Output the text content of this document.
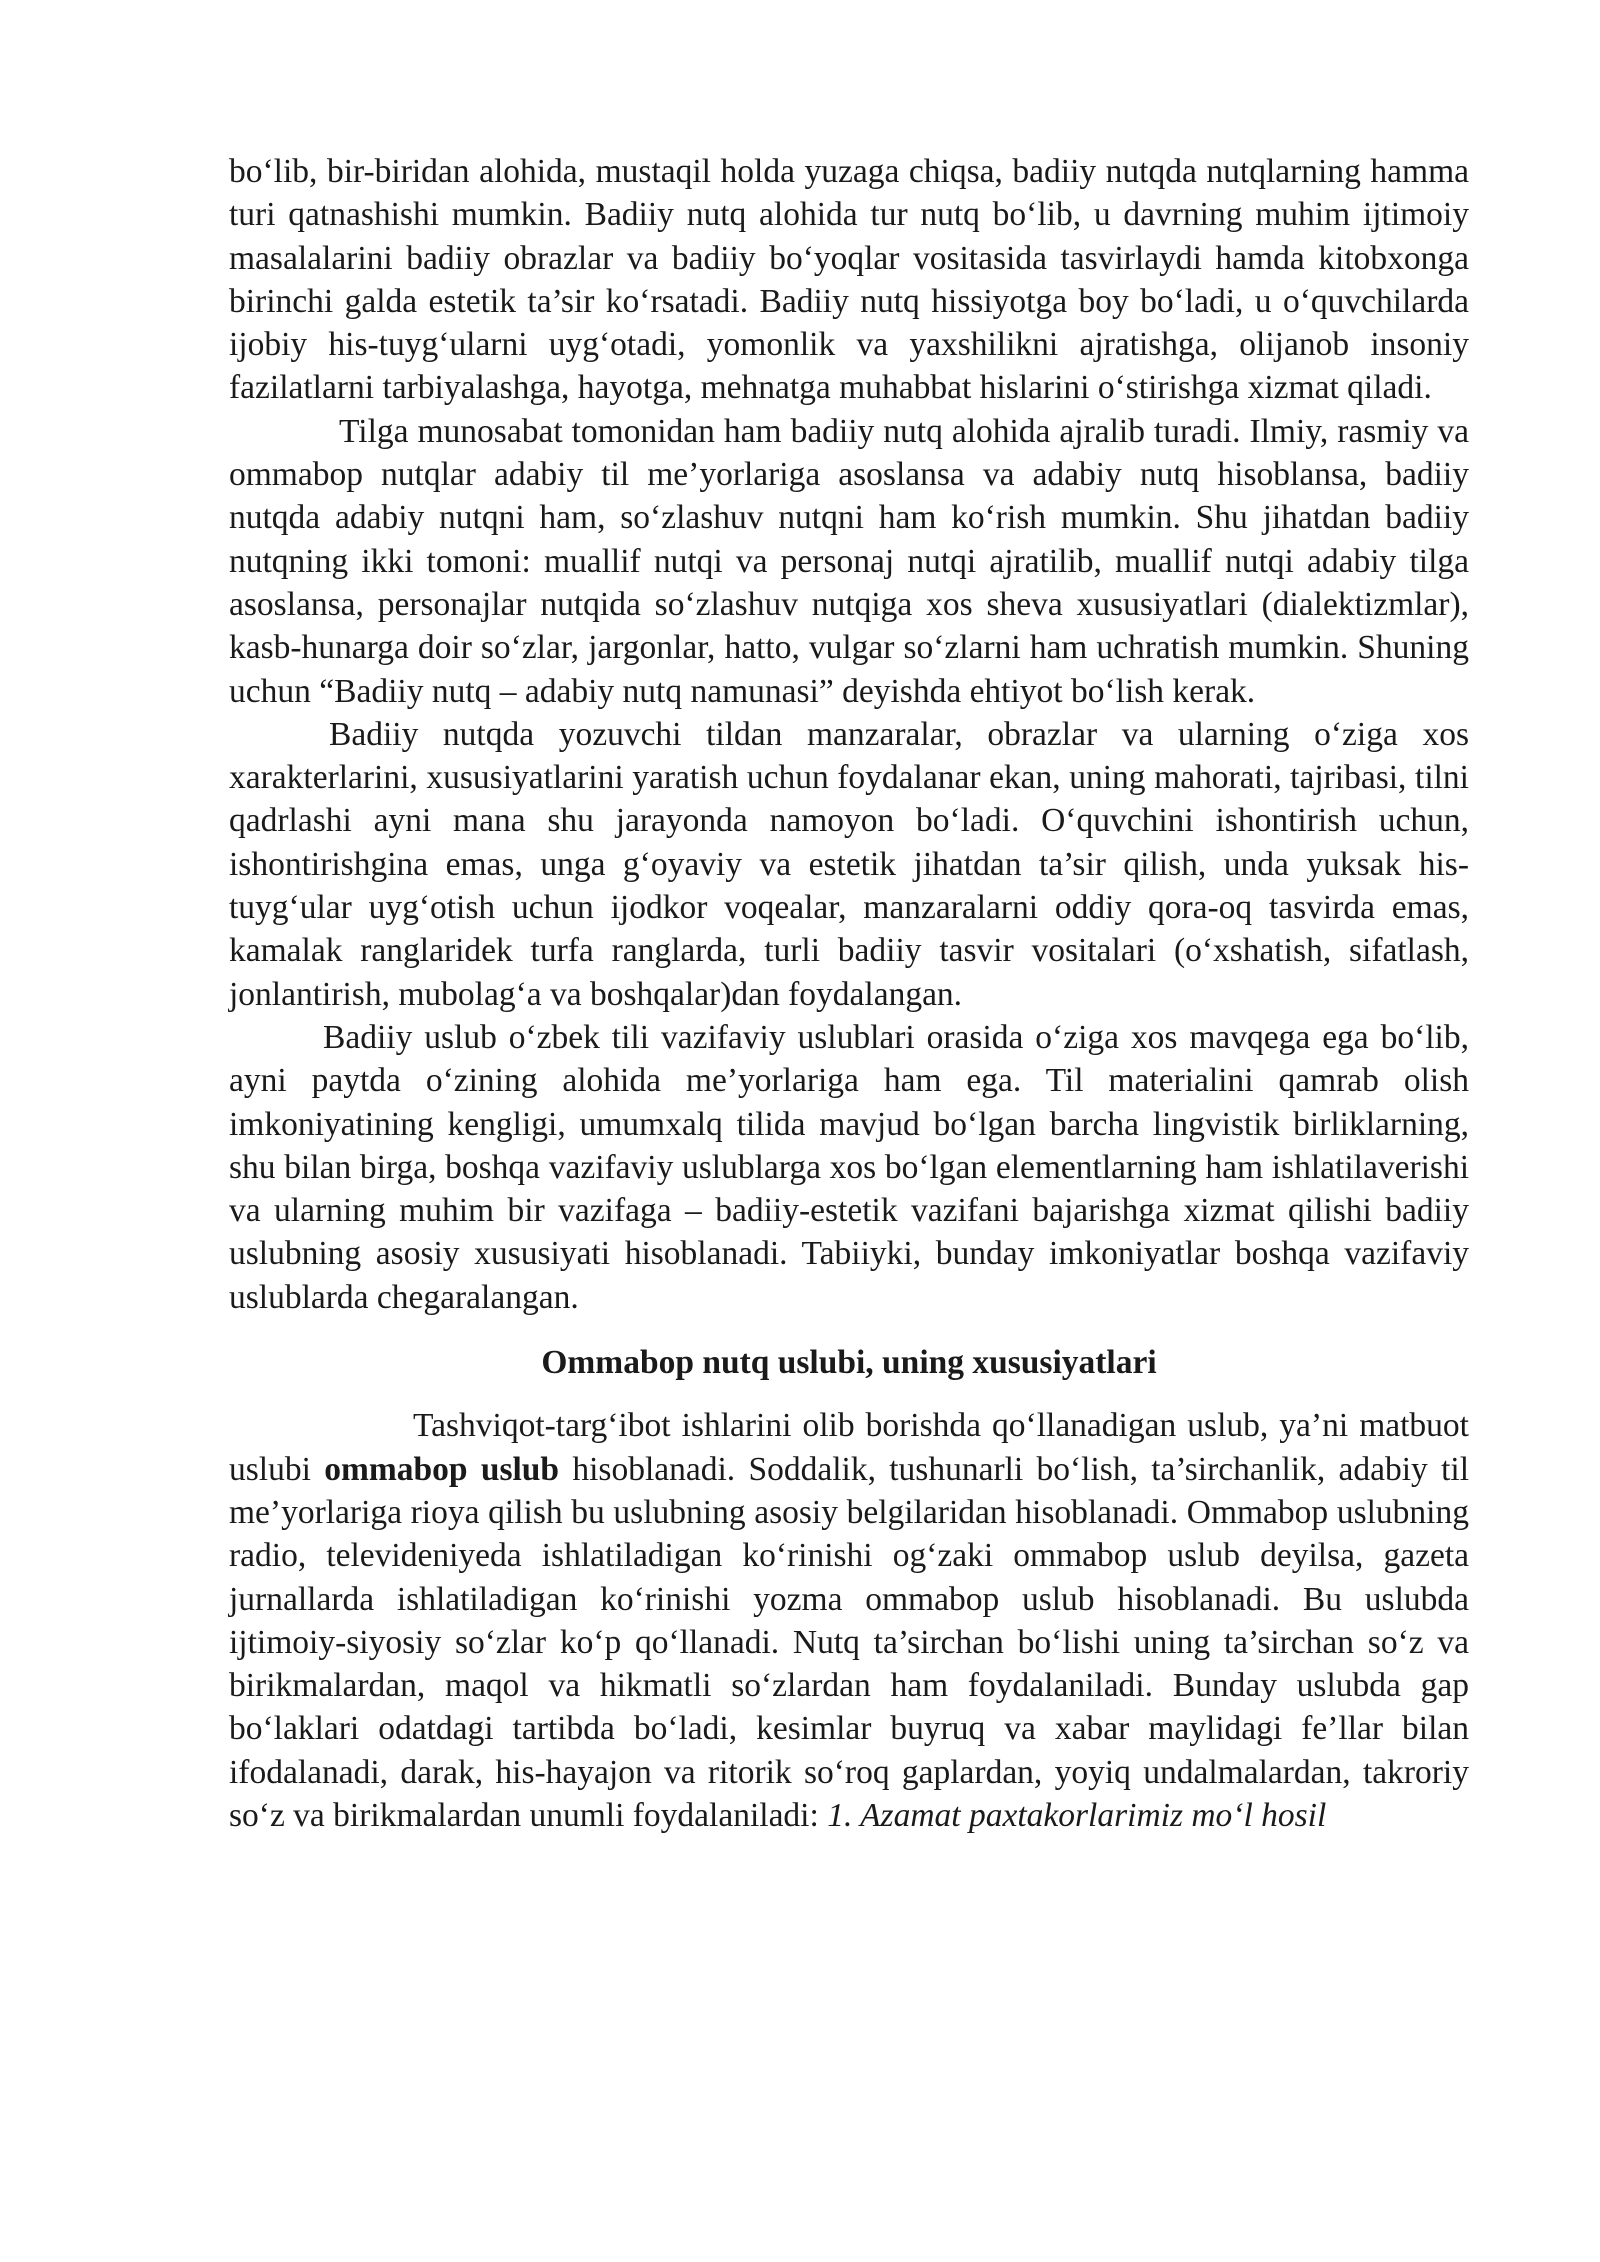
bo‘lib, bir-biridan alohida, mustaqil holda yuzaga chiqsa, badiiy nutqda nutqlarning hamma turi qatnashishi mumkin. Badiiy nutq alohida tur nutq bo‘lib, u davrning muhim ijtimoiy masalalarini badiiy obrazlar va badiiy bo‘yoqlar vositasida tasvirlaydi hamda kitobxonga birinchi galda estetik ta’sir ko‘rsatadi. Badiiy nutq hissiyotga boy bo‘ladi, u o‘quvchilarda ijobiy his-tuyg‘ularni uyg‘otadi, yomonlik va yaxshilikni ajratishga, olijanob insoniy fazilatlarni tarbiyalashga, hayotga, mehnatga muhabbat hislarini o‘stirishga xizmat qiladi.

Tilga munosabat tomonidan ham badiiy nutq alohida ajralib turadi. Ilmiy, rasmiy va ommabop nutqlar adabiy til me’yorlariga asoslansa va adabiy nutq hisoblansa, badiiy nutqda adabiy nutqni ham, so‘zlashuv nutqni ham ko‘rish mumkin. Shu jihatdan badiiy nutqning ikki tomoni: muallif nutqi va personaj nutqi ajratilib, muallif nutqi adabiy tilga asoslansa, personajlar nutqida so‘zlashuv nutqiga xos sheva xususiyatlari (dialektizmlar), kasb-hunarga doir so‘zlar, jargonlar, hatto, vulgar so‘zlarni ham uchratish mumkin. Shuning uchun “Badiiy nutq – adabiy nutq namunasi” deyishda ehtiyot bo‘lish kerak.

Badiiy nutqda yozuvchi tildan manzaralar, obrazlar va ularning o‘ziga xos xarakterlarini, xususiyatlarini yaratish uchun foydalanar ekan, uning mahorati, tajribasi, tilni qadrlashi ayni mana shu jarayonda namoyon bo‘ladi. O‘quvchini ishontirish uchun, ishontirishgina emas, unga g‘oyaviy va estetik jihatdan ta’sir qilish, unda yuksak his-tuyg‘ular uyg‘otish uchun ijodkor voqealar, manzaralarni oddiy qora-oq tasvirda emas, kamalak ranglaridek turfa ranglarda, turli badiiy tasvir vositalari (o‘xshatish, sifatlash, jonlantirish, mubolag‘a va boshqalar)dan foydalangan.

Badiiy uslub o‘zbek tili vazifaviy uslublari orasida o‘ziga xos mavqega ega bo‘lib, ayni paytda o‘zining alohida me’yorlariga ham ega. Til materialini qamrab olish imkoniyatining kengligi, umumxalq tilida mavjud bo‘lgan barcha lingvistik birliklarning, shu bilan birga, boshqa vazifaviy uslublarga xos bo‘lgan elementlarning ham ishlatilaverishi va ularning muhim bir vazifaga – badiiy-estetik vazifani bajarishga xizmat qilishi badiiy uslubning asosiy xususiyati hisoblanadi. Tabiiyki, bunday imkoniyatlar boshqa vazifaviy uslublarda chegaralangan.

Ommabop nutq uslubi, uning xususiyatlari

Tashviqot-targ‘ibot ishlarini olib borishda qo‘llanadigan uslub, ya’ni matbuot uslubi ommabop uslub hisoblanadi. Soddalik, tushunarli bo‘lish, ta’sirchanlik, adabiy til me’yorlariga rioya qilish bu uslubning asosiy belgilaridan hisoblanadi. Ommabop uslubning radio, televideniyeda ishlatiladigan ko‘rinishi og‘zaki ommabop uslub deyilsa, gazeta jurnallarda ishlatiladigan ko‘rinishi yozma ommabop uslub hisoblanadi. Bu uslubda ijtimoiy-siyosiy so‘zlar ko‘p qo‘llanadi. Nutq ta’sirchan bo‘lishi uning ta’sirchan so‘z va birikmalardan, maqol va hikmatli so‘zlardan ham foydalaniladi. Bunday uslubda gap bo‘laklari odatdagi tartibda bo‘ladi, kesimlar buyruq va xabar maylidagi fe’llar bilan ifodalanadi, darak, his-hayajon va ritorik so‘roq gaplardan, yoyiq undalmalardan, takroriy so‘z va birikmalardan unumli foydalaniladi: 1. Azamat paxtakorlarimiz mo‘l hosil
